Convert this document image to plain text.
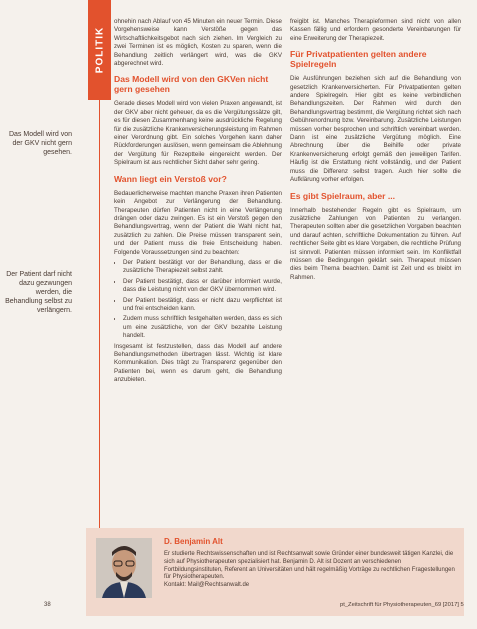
POLITIK
Das Modell wird von der GKV nicht gern gesehen.
Der Patient darf nicht dazu gezwungen werden, die Behandlung selbst zu verlängern.

ohnehin nach Ablauf von 45 Minuten ein neuer Termin. Diese Vorgehensweise kann Verstöße gegen das Wirtschaftlichkeitsgebot nach sich ziehen. Im Vergleich zu zwei Terminen ist es möglich, Kosten zu sparen, wenn die Behandlung zeitlich verlängert wird, was die GKV abgerechnet wird.

Das Modell wird von den GKVen nicht gern gesehen

Gerade dieses Modell wird von vielen Praxen angewandt, ist der GKV aber nicht geheuer, da es die Vergütungssätze gilt, es für diesen Zusammenhang keine ausdrückliche Regelung für die zusätzliche Krankenversicherungsleistung im Rahmen einer Verordnung gibt. Ein solches Vorgehen kann daher Rückforderungen auslösen, wenn gemeinsam die Ablehnung der Vergütung für Rezeptteile eingereicht werden. Der Spielraum ist aus rechtlicher Sicht daher sehr gering.

Wann liegt ein Verstoß vor?

Bedauerlicherweise machten manche Praxen ihren Patienten kein Angebot zur Verlängerung der Behandlung. Therapeuten dürfen Patienten nicht in eine Verlängerung drängen oder dazu zwingen. Es ist ein Verstoß gegen den Behandlungsvertrag, wenn der Patient die Wahl nicht hat, zusätzlich zu zahlen. Die Preise müssen transparent sein, und der Patient muss die freie Entscheidung haben. Folgende Voraussetzungen sind zu beachten:

• Der Patient bestätigt vor der Behandlung, dass er die zusätzliche Therapiezeit selbst zahlt.
• Der Patient bestätigt, dass er darüber informiert wurde, dass die Leistung nicht von der GKV übernommen wird.
• Der Patient bestätigt, dass er nicht dazu verpflichtet ist und frei entscheiden kann.
• Zudem muss schriftlich festgehalten werden, dass es sich um eine zusätzliche, von der GKV bezahlte Leistung handelt.

Insgesamt ist festzustellen, dass das Modell auf andere Behandlungsmethoden übertragen lässt. Wichtig ist klare Kommunikation. Dies trägt zu Transparenz gegenüber den Patienten bei, wenn es darum geht, die Behandlung anzubieten.

freigibt ist. Manches Therapieformen sind nicht von allen Kassen fällig und erfordern gesonderte Vereinbarungen für eine Erweiterung der Therapiezeit.

Für Privatpatienten gelten andere Spielregeln

Die Ausführungen beziehen sich auf die Behandlung von gesetzlich Krankenversicherten. Für Privatpatienten gelten andere Spielregeln. Hier gibt es keine verbindlichen Behandlungszeiten. Der Rahmen wird durch den Behandlungsvertrag bestimmt, die Vergütung richtet sich nach Gebührenordnung bzw. Vereinbarung. Zusätzliche Leistungen müssen vorher besprochen und schriftlich vereinbart werden. Dann ist eine zusätzliche Vergütung möglich. Eine Abrechnung über die Beihilfe oder private Krankenversicherung erfolgt gemäß den jeweiligen Tarifen. Häufig ist die Erstattung nicht vollständig, und der Patient muss die Differenz selbst tragen. Auch hier sollte die Aufklärung vorher erfolgen.

Es gibt Spielraum, aber ...

Innerhalb bestehender Regeln gibt es Spielraum, um zusätzliche Zahlungen von Patienten zu verlangen. Therapeuten sollten aber die gesetzlichen Vorgaben beachten und darauf achten, schriftliche Dokumentation zu führen. Auf rechtlicher Seite gibt es klare Vorgaben, die rechtliche Prüfung ist sinnvoll. Patienten müssen informiert sein. Im Konfliktfall müssen die Bedingungen geklärt sein. Therapeut müssen dies beim Thema beachten. Damit ist Zeit und es bleibt im Rahmen.

D. Benjamin Alt
Er studierte Rechtswissenschaften und ist Rechtsanwalt sowie Gründer einer bundesweit tätigen Kanzlei, die sich auf Physiotherapeuten spezialisiert hat. Benjamin D. Alt ist Dozent an verschiedenen Fortbildungsinstituten, Referent an Universitäten und hält regelmäßig Vorträge zu rechtlichen Fragestellungen für Physiotherapeuten.
Kontakt: Mail@Rechtsanwalt.de
38	pt_Zeitschrift für Physiotherapeuten_69 [2017] 5
